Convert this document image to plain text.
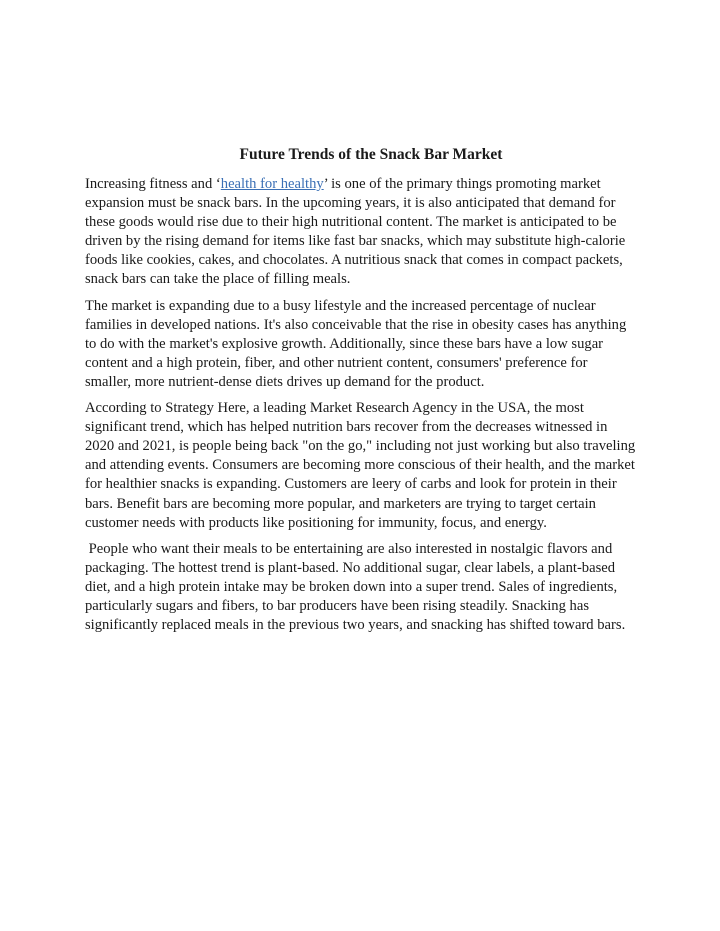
Future Trends of the Snack Bar Market

Increasing fitness and ‘health for healthy’ is one of the primary things promoting market expansion must be snack bars. In the upcoming years, it is also anticipated that demand for these goods would rise due to their high nutritional content. The market is anticipated to be driven by the rising demand for items like fast bar snacks, which may substitute high-calorie foods like cookies, cakes, and chocolates. A nutritious snack that comes in compact packets, snack bars can take the place of filling meals.

The market is expanding due to a busy lifestyle and the increased percentage of nuclear families in developed nations. It's also conceivable that the rise in obesity cases has anything to do with the market's explosive growth. Additionally, since these bars have a low sugar content and a high protein, fiber, and other nutrient content, consumers' preference for smaller, more nutrient-dense diets drives up demand for the product.

According to Strategy Here, a leading Market Research Agency in the USA, the most significant trend, which has helped nutrition bars recover from the decreases witnessed in 2020 and 2021, is people being back "on the go," including not just working but also traveling and attending events. Consumers are becoming more conscious of their health, and the market for healthier snacks is expanding. Customers are leery of carbs and look for protein in their bars. Benefit bars are becoming more popular, and marketers are trying to target certain customer needs with products like positioning for immunity, focus, and energy.

People who want their meals to be entertaining are also interested in nostalgic flavors and packaging. The hottest trend is plant-based. No additional sugar, clear labels, a plant-based diet, and a high protein intake may be broken down into a super trend. Sales of ingredients, particularly sugars and fibers, to bar producers have been rising steadily. Snacking has significantly replaced meals in the previous two years, and snacking has shifted toward bars.
